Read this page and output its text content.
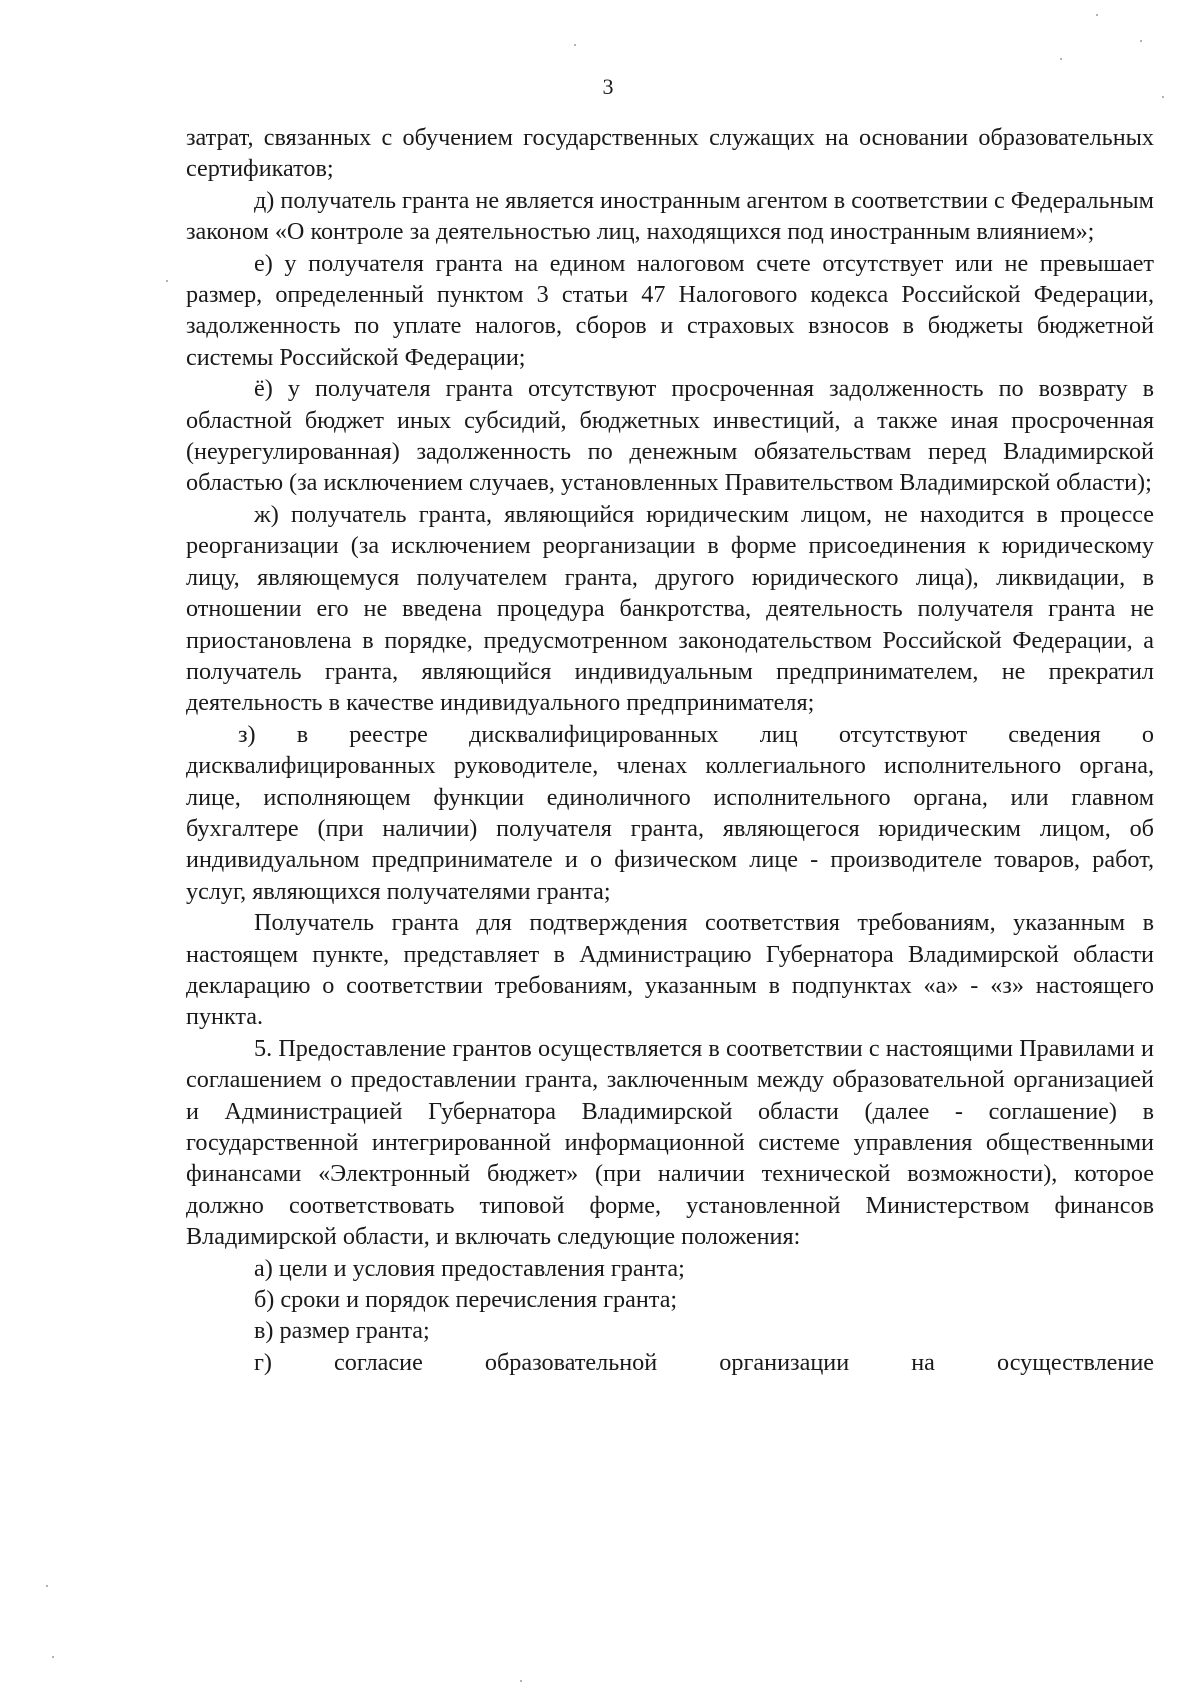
3

затрат, связанных с обучением государственных служащих на основании образовательных сертификатов;

д) получатель гранта не является иностранным агентом в соответствии с Федеральным законом «О контроле за деятельностью лиц, находящихся под иностранным влиянием»;

е) у получателя гранта на едином налоговом счете отсутствует или не превышает размер, определенный пунктом 3 статьи 47 Налогового кодекса Российской Федерации, задолженность по уплате налогов, сборов и страховых взносов в бюджеты бюджетной системы Российской Федерации;

ё) у получателя гранта отсутствуют просроченная задолженность по возврату в областной бюджет иных субсидий, бюджетных инвестиций, а также иная просроченная (неурегулированная) задолженность по денежным обязательствам перед Владимирской областью (за исключением случаев, установленных Правительством Владимирской области);

ж) получатель гранта, являющийся юридическим лицом, не находится в процессе реорганизации (за исключением реорганизации в форме присоединения к юридическому лицу, являющемуся получателем гранта, другого юридического лица), ликвидации, в отношении его не введена процедура банкротства, деятельность получателя гранта не приостановлена в порядке, предусмотренном законодательством Российской Федерации, а получатель гранта, являющийся индивидуальным предпринимателем, не прекратил деятельность в качестве индивидуального предпринимателя;

з) в реестре дисквалифицированных лиц отсутствуют сведения о дисквалифицированных руководителе, членах коллегиального исполнительного органа, лице, исполняющем функции единоличного исполнительного органа, или главном бухгалтере (при наличии) получателя гранта, являющегося юридическим лицом, об индивидуальном предпринимателе и о физическом лице - производителе товаров, работ, услуг, являющихся получателями гранта;

Получатель гранта для подтверждения соответствия требованиям, указанным в настоящем пункте, представляет в Администрацию Губернатора Владимирской области декларацию о соответствии требованиям, указанным в подпунктах «а» - «з» настоящего пункта.

5. Предоставление грантов осуществляется в соответствии с настоящими Правилами и соглашением о предоставлении гранта, заключенным между образовательной организацией и Администрацией Губернатора Владимирской области (далее - соглашение) в государственной интегрированной информационной системе управления общественными финансами «Электронный бюджет» (при наличии технической возможности), которое должно соответствовать типовой форме, установленной Министерством финансов Владимирской области, и включать следующие положения:

а) цели и условия предоставления гранта;

б) сроки и порядок перечисления гранта;

в) размер гранта;

г) согласие образовательной организации на осуществление
